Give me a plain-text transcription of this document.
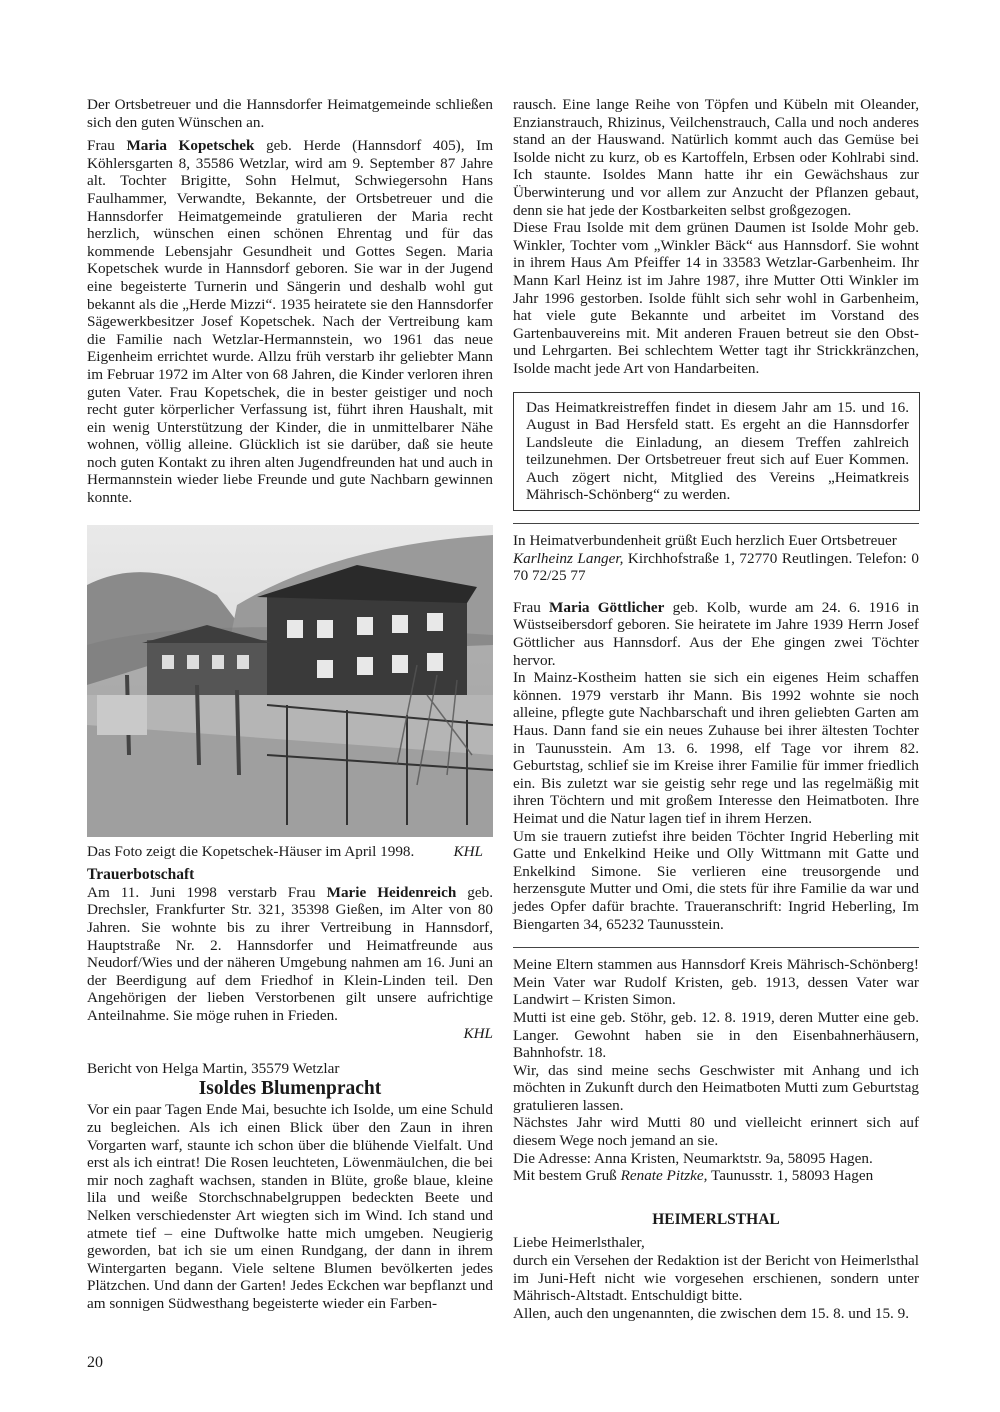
Der Ortsbetreuer und die Hannsdorfer Heimatgemeinde schließen sich den guten Wünschen an.

Frau Maria Kopetschek geb. Herde (Hannsdorf 405), Im Köhlersgarten 8, 35586 Wetzlar, wird am 9. September 87 Jahre alt. Tochter Brigitte, Sohn Helmut, Schwiegersohn Hans Faulhammer, Verwandte, Bekannte, der Ortsbetreuer und die Hannsdorfer Heimatgemeinde gratulieren der Maria recht herzlich, wünschen einen schönen Ehrentag und für das kommende Lebensjahr Gesundheit und Gottes Segen. Maria Kopetschek wurde in Hannsdorf geboren. Sie war in der Jugend eine begeisterte Turnerin und Sängerin und deshalb wohl gut bekannt als die „Herde Mizzi“. 1935 heiratete sie den Hannsdorfer Sägewerkbesitzer Josef Kopetschek. Nach der Vertreibung kam die Familie nach Wetzlar-Hermannstein, wo 1961 das neue Eigenheim errichtet wurde. Allzu früh verstarb ihr geliebter Mann im Februar 1972 im Alter von 68 Jahren, die Kinder verloren ihren guten Vater. Frau Kopetschek, die in bester geistiger und noch recht guter körperlicher Verfassung ist, führt ihren Haushalt, mit ein wenig Unterstützung der Kinder, die in unmittelbarer Nähe wohnen, völlig alleine. Glücklich ist sie darüber, daß sie heute noch guten Kontakt zu ihren alten Jugendfreunden hat und auch in Hermannstein wieder liebe Freunde und gute Nachbarn gewinnen konnte.

Das Foto zeigt die Kopetschek-Häuser im April 1998.	KHL
Trauerbotschaft

Am 11. Juni 1998 verstarb Frau Marie Heidenreich geb. Drechsler, Frankfurter Str. 321, 35398 Gießen, im Alter von 80 Jahren. Sie wohnte bis zu ihrer Vertreibung in Hannsdorf, Hauptstraße Nr. 2. Hannsdorfer und Heimatfreunde aus Neudorf/Wies und der näheren Umgebung nahmen am 16. Juni an der Beerdigung auf dem Friedhof in Klein-Linden teil. Den Angehörigen der lieben Verstorbenen gilt unsere aufrichtige Anteilnahme. Sie möge ruhen in Frieden.

KHL

Bericht von Helga Martin, 35579 Wetzlar

Isoldes Blumenpracht

Vor ein paar Tagen Ende Mai, besuchte ich Isolde, um eine Schuld zu begleichen. Als ich einen Blick über den Zaun in ihren Vorgarten warf, staunte ich schon über die blühende Vielfalt. Und erst als ich eintrat! Die Rosen leuchteten, Löwenmäulchen, die bei mir noch zaghaft wachsen, standen in Blüte, große blaue, kleine lila und weiße Storchschnabelgruppen bedeckten Beete und Nelken verschiedenster Art wiegten sich im Wind. Ich stand und atmete tief – eine Duftwolke hatte mich umgeben. Neugierig geworden, bat ich sie um einen Rundgang, der dann in ihrem Wintergarten begann. Viele seltene Blumen bevölkerten jedes Plätzchen. Und dann der Garten! Jedes Eckchen war bepflanzt und am sonnigen Südwesthang begeisterte wieder ein Farben-

rausch. Eine lange Reihe von Töpfen und Kübeln mit Oleander, Enzianstrauch, Rhizinus, Veilchenstrauch, Calla und noch anderes stand an der Hauswand. Natürlich kommt auch das Gemüse bei Isolde nicht zu kurz, ob es Kartoffeln, Erbsen oder Kohlrabi sind. Ich staunte. Isoldes Mann hatte ihr ein Gewächshaus zur Überwinterung und vor allem zur Anzucht der Pflanzen gebaut, denn sie hat jede der Kostbarkeiten selbst großgezogen.

Diese Frau Isolde mit dem grünen Daumen ist Isolde Mohr geb. Winkler, Tochter vom „Winkler Bäck“ aus Hannsdorf. Sie wohnt in ihrem Haus Am Pfeiffer 14 in 33583 Wetzlar-Garbenheim. Ihr Mann Karl Heinz ist im Jahre 1987, ihre Mutter Otti Winkler im Jahr 1996 gestorben. Isolde fühlt sich sehr wohl in Garbenheim, hat viele gute Bekannte und arbeitet im Vorstand des Gartenbauvereins mit. Mit anderen Frauen betreut sie den Obst- und Lehrgarten. Bei schlechtem Wetter tagt ihr Strickkränzchen, Isolde macht jede Art von Handarbeiten.

Das Heimatkreistreffen findet in diesem Jahr am 15. und 16. August in Bad Hersfeld statt. Es ergeht an die Hannsdorfer Landsleute die Einladung, an diesem Treffen zahlreich teilzunehmen. Der Ortsbetreuer freut sich auf Euer Kommen. Auch zögert nicht, Mitglied des Vereins „Heimatkreis Mährisch-Schönberg“ zu werden.

In Heimatverbundenheit grüßt Euch herzlich Euer Ortsbetreuer
Karlheinz Langer, Kirchhofstraße 1, 72770 Reutlingen. Telefon: 0 70 72/25 77

Frau Maria Göttlicher geb. Kolb, wurde am 24. 6. 1916 in Wüstseibersdorf geboren. Sie heiratete im Jahre 1939 Herrn Josef Göttlicher aus Hannsdorf. Aus der Ehe gingen zwei Töchter hervor.

In Mainz-Kostheim hatten sie sich ein eigenes Heim schaffen können. 1979 verstarb ihr Mann. Bis 1992 wohnte sie noch alleine, pflegte gute Nachbarschaft und ihren geliebten Garten am Haus. Dann fand sie ein neues Zuhause bei ihrer ältesten Tochter in Taunusstein. Am 13. 6. 1998, elf Tage vor ihrem 82. Geburtstag, schlief sie im Kreise ihrer Familie für immer friedlich ein. Bis zuletzt war sie geistig sehr rege und las regelmäßig mit ihren Töchtern und mit großem Interesse den Heimatboten. Ihre Heimat und die Natur lagen tief in ihrem Herzen.

Um sie trauern zutiefst ihre beiden Töchter Ingrid Heberling mit Gatte und Enkelkind Heike und Olly Wittmann mit Gatte und Enkelkind Simone. Sie verlieren eine treusorgende und herzensgute Mutter und Omi, die stets für ihre Familie da war und jedes Opfer dafür brachte. Traueranschrift: Ingrid Heberling, Im Biengarten 34, 65232 Taunusstein.

Meine Eltern stammen aus Hannsdorf Kreis Mährisch-Schönberg! Mein Vater war Rudolf Kristen, geb. 1913, dessen Vater war Landwirt – Kristen Simon.

Mutti ist eine geb. Stöhr, geb. 12. 8. 1919, deren Mutter eine geb. Langer. Gewohnt haben sie in den Eisenbahnerhäusern, Bahnhofstr. 18.

Wir, das sind meine sechs Geschwister mit Anhang und ich möchten in Zukunft durch den Heimatboten Mutti zum Geburtstag gratulieren lassen.

Nächstes Jahr wird Mutti 80 und vielleicht erinnert sich auf diesem Wege noch jemand an sie.

Die Adresse: Anna Kristen, Neumarktstr. 9a, 58095 Hagen.

Mit bestem Gruß Renate Pitzke, Taunusstr. 1, 58093 Hagen

HEIMERLSTHAL

Liebe Heimerlsthaler,

durch ein Versehen der Redaktion ist der Bericht von Heimerlsthal im Juni-Heft nicht wie vorgesehen erschienen, sondern unter Mährisch-Altstadt. Entschuldigt bitte.

Allen, auch den ungenannten, die zwischen dem 15. 8. und 15. 9.

20
